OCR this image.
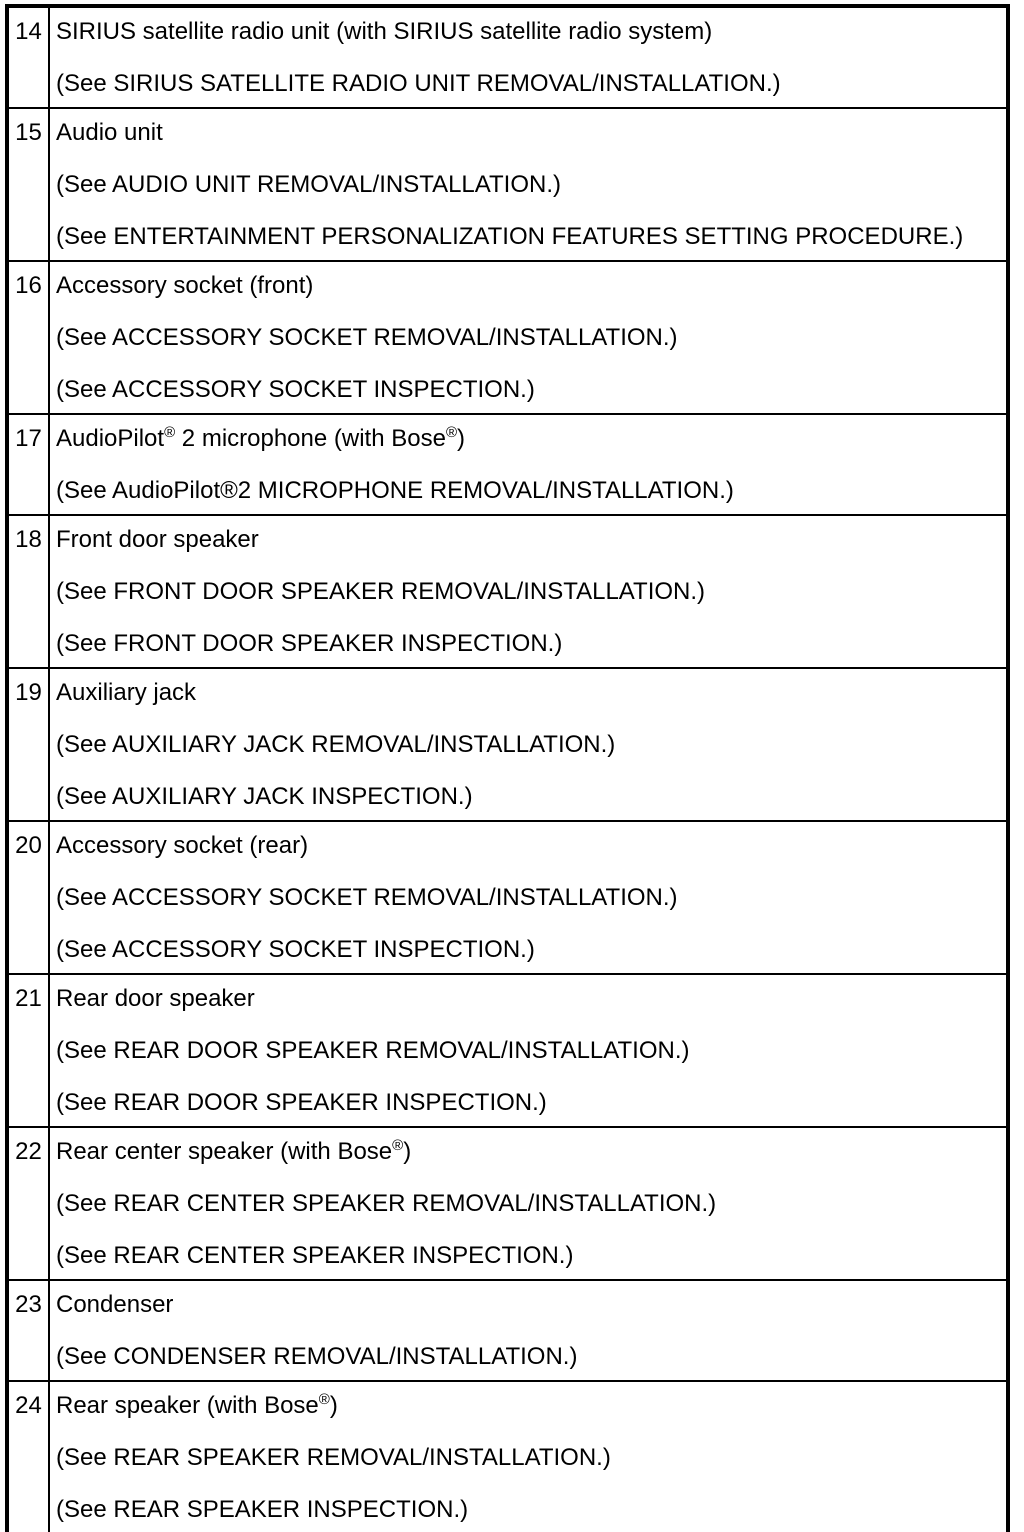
14	SIRIUS satellite radio unit (with SIRIUS satellite radio system)
(See SIRIUS SATELLITE RADIO UNIT REMOVAL/INSTALLATION.)

15	Audio unit
(See AUDIO UNIT REMOVAL/INSTALLATION.)
(See ENTERTAINMENT PERSONALIZATION FEATURES SETTING PROCEDURE.)

16	Accessory socket (front)
(See ACCESSORY SOCKET REMOVAL/INSTALLATION.)
(See ACCESSORY SOCKET INSPECTION.)

17	AudioPilot® 2 microphone (with Bose®)
(See AudioPilot®2 MICROPHONE REMOVAL/INSTALLATION.)

18	Front door speaker
(See FRONT DOOR SPEAKER REMOVAL/INSTALLATION.)
(See FRONT DOOR SPEAKER INSPECTION.)

19	Auxiliary jack
(See AUXILIARY JACK REMOVAL/INSTALLATION.)
(See AUXILIARY JACK INSPECTION.)

20	Accessory socket (rear)
(See ACCESSORY SOCKET REMOVAL/INSTALLATION.)
(See ACCESSORY SOCKET INSPECTION.)

21	Rear door speaker
(See REAR DOOR SPEAKER REMOVAL/INSTALLATION.)
(See REAR DOOR SPEAKER INSPECTION.)

22	Rear center speaker (with Bose®)
(See REAR CENTER SPEAKER REMOVAL/INSTALLATION.)
(See REAR CENTER SPEAKER INSPECTION.)

23	Condenser
(See CONDENSER REMOVAL/INSTALLATION.)

24	Rear speaker (with Bose®)
(See REAR SPEAKER REMOVAL/INSTALLATION.)
(See REAR SPEAKER INSPECTION.)
